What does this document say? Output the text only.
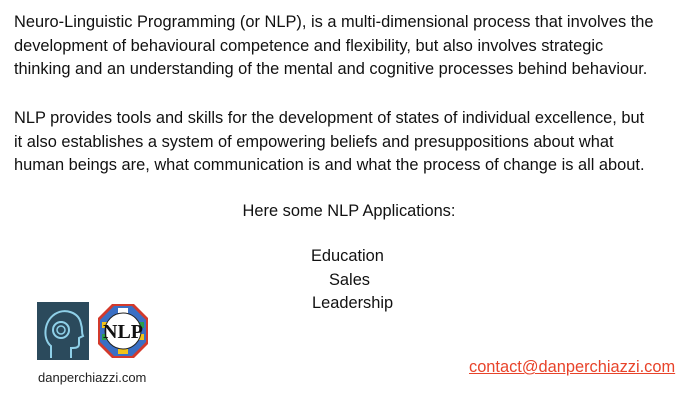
Neuro-Linguistic Programming (or NLP), is a multi-dimensional process that involves the
development of behavioural competence and flexibility, but also involves strategic
thinking and an understanding of the mental and cognitive processes behind behaviour.
NLP provides tools and skills for the development of states of individual excellence, but
it also establishes a system of empowering beliefs and presuppositions about what
human beings are, what communication is and what the process of change is all about.
Here some NLP Applications:
Education
Sales
Leadership
NLP
danperchiazzi.com
contact@danperchiazzi.com
